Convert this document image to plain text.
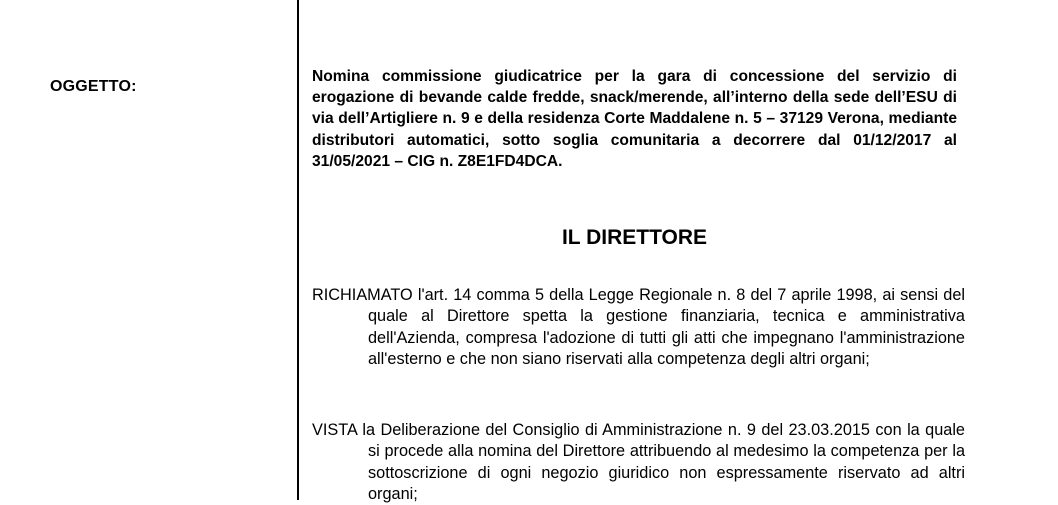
OGGETTO:

Nomina commissione giudicatrice per la gara di concessione del servizio di erogazione di bevande calde fredde, snack/merende, all’interno della sede dell’ESU di via dell’Artigliere n. 9 e della residenza Corte Maddalene n. 5 – 37129 Verona, mediante distributori automatici, sotto soglia comunitaria a decorrere dal 01/12/2017 al 31/05/2021 – CIG n. Z8E1FD4DCA.

IL DIRETTORE

RICHIAMATO l'art. 14 comma 5 della Legge Regionale n. 8 del 7 aprile 1998, ai sensi del quale al Direttore spetta la gestione finanziaria, tecnica e amministrativa dell'Azienda, compresa l'adozione di tutti gli atti che impegnano l'amministrazione all'esterno e che non siano riservati alla competenza degli altri organi;

VISTA la Deliberazione del Consiglio di Amministrazione n. 9 del 23.03.2015 con la quale si procede alla nomina del Direttore attribuendo al medesimo la competenza per la sottoscrizione di ogni negozio giuridico non espressamente riservato ad altri organi;
